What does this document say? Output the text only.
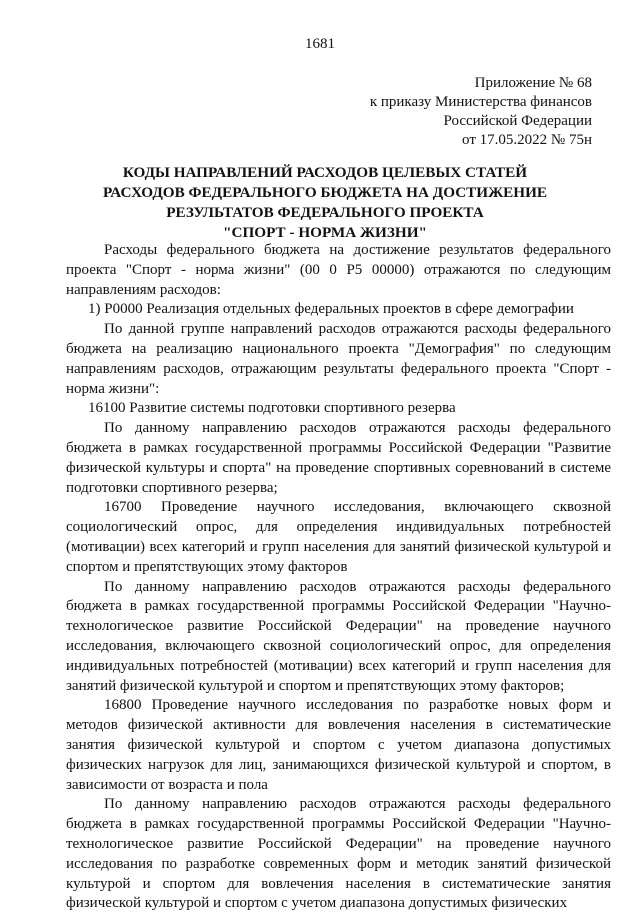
1681
Приложение № 68
к приказу Министерства финансов
Российской Федерации
от 17.05.2022 № 75н
КОДЫ НАПРАВЛЕНИЙ РАСХОДОВ ЦЕЛЕВЫХ СТАТЕЙ
РАСХОДОВ ФЕДЕРАЛЬНОГО БЮДЖЕТА НА ДОСТИЖЕНИЕ
РЕЗУЛЬТАТОВ ФЕДЕРАЛЬНОГО ПРОЕКТА
"СПОРТ - НОРМА ЖИЗНИ"

Расходы федерального бюджета на достижение результатов федерального проекта "Спорт - норма жизни" (00 0 Р5 00000) отражаются по следующим направлениям расходов:

1) Р0000 Реализация отдельных федеральных проектов в сфере демографии

По данной группе направлений расходов отражаются расходы федерального бюджета на реализацию национального проекта "Демография" по следующим направлениям расходов, отражающим результаты федерального проекта "Спорт - норма жизни":

16100 Развитие системы подготовки спортивного резерва

По данному направлению расходов отражаются расходы федерального бюджета в рамках государственной программы Российской Федерации "Развитие физической культуры и спорта" на проведение спортивных соревнований в системе подготовки спортивного резерва;

16700 Проведение научного исследования, включающего сквозной социологический опрос, для определения индивидуальных потребностей (мотивации) всех категорий и групп населения для занятий физической культурой и спортом и препятствующих этому факторов

По данному направлению расходов отражаются расходы федерального бюджета в рамках государственной программы Российской Федерации "Научно-технологическое развитие Российской Федерации" на проведение научного исследования, включающего сквозной социологический опрос, для определения индивидуальных потребностей (мотивации) всех категорий и групп населения для занятий физической культурой и спортом и препятствующих этому факторов;

16800 Проведение научного исследования по разработке новых форм и методов физической активности для вовлечения населения в систематические занятия физической культурой и спортом с учетом диапазона допустимых физических нагрузок для лиц, занимающихся физической культурой и спортом, в зависимости от возраста и пола

По данному направлению расходов отражаются расходы федерального бюджета в рамках государственной программы Российской Федерации "Научно-технологическое развитие Российской Федерации" на проведение научного исследования по разработке современных форм и методик занятий физической культурой и спортом для вовлечения населения в систематические занятия физической культурой и спортом с учетом диапазона допустимых физических
